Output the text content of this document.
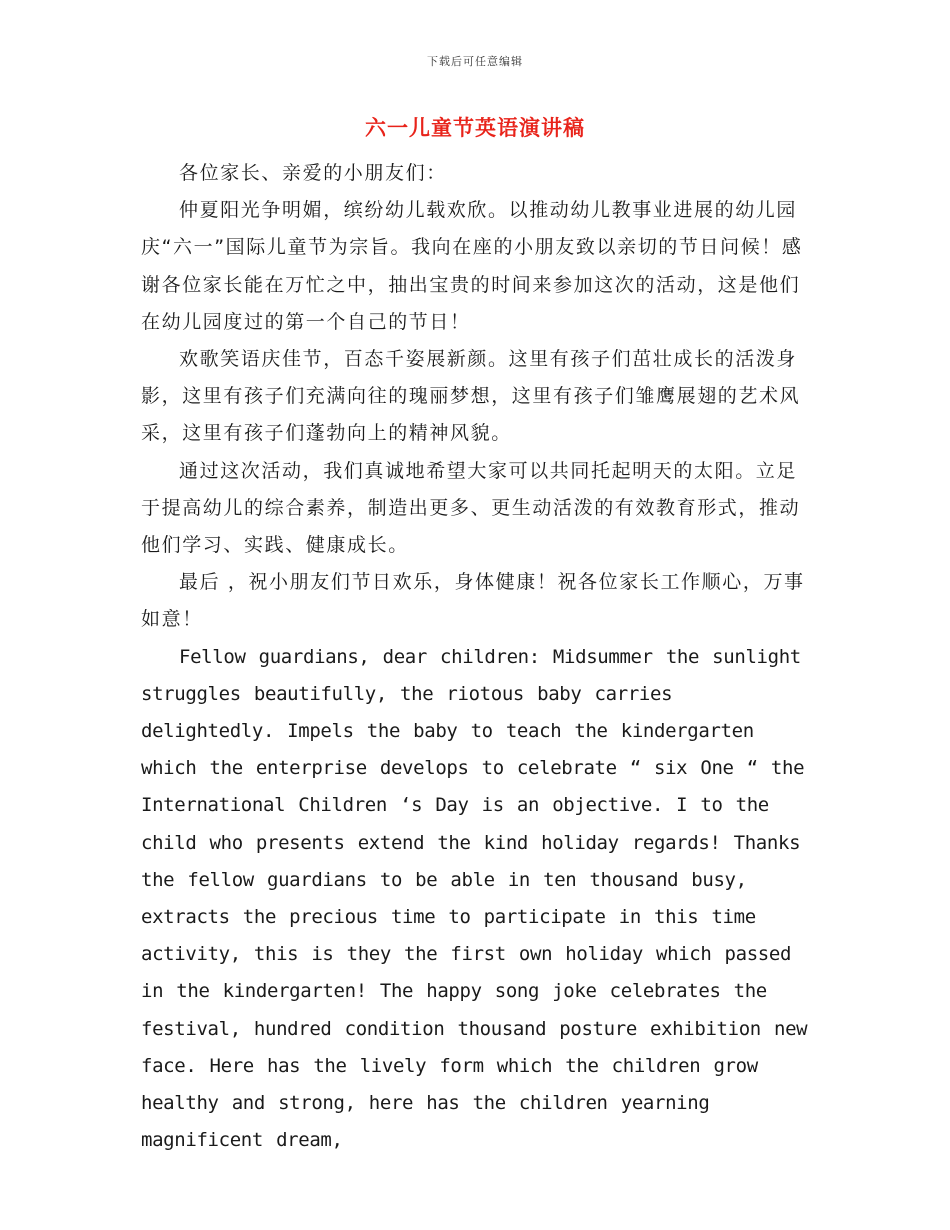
下载后可任意编辑
六一儿童节英语演讲稿

各位家长、亲爱的小朋友们：

仲夏阳光争明媚，缤纷幼儿载欢欣。以推动幼儿教事业进展的幼儿园庆“六一”国际儿童节为宗旨。我向在座的小朋友致以亲切的节日问候！感谢各位家长能在万忙之中，抽出宝贵的时间来参加这次的活动，这是他们在幼儿园度过的第一个自己的节日！

欢歌笑语庆佳节，百态千姿展新颜。这里有孩子们茁壮成长的活泼身影，这里有孩子们充满向往的瑰丽梦想，这里有孩子们雏鹰展翅的艺术风采，这里有孩子们蓬勃向上的精神风貌。

通过这次活动，我们真诚地希望大家可以共同托起明天的太阳。立足于提高幼儿的综合素养，制造出更多、更生动活泼的有效教育形式，推动他们学习、实践、健康成长。

最后 ，祝小朋友们节日欢乐，身体健康！祝各位家长工作顺心，万事如意！

Fellow guardians, dear children: Midsummer the sunlight struggles beautifully, the riotous baby carries delightedly. Impels the baby to teach the kindergarten which the enterprise develops to celebrate “ six One “ the International Children ‘s Day is an objective. I to the child who presents extend the kind holiday regards! Thanks the fellow guardians to be able in ten thousand busy, extracts the precious time to participate in this time activity, this is they the first own holiday which passed in the kindergarten! The happy song joke celebrates the festival, hundred condition thousand posture exhibition new face. Here has the lively form which the children grow healthy and strong, here has the children yearning magnificent dream,
